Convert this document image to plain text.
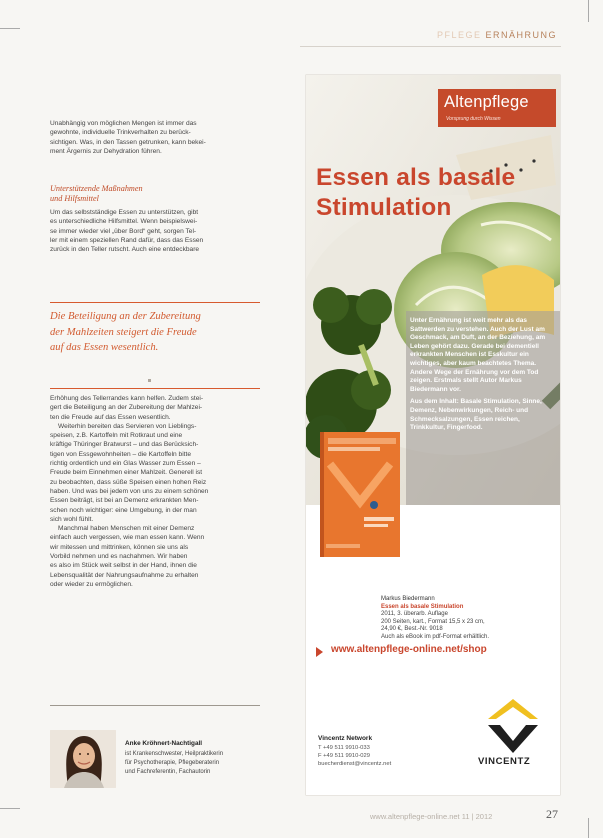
PFLEGE ERNÄHRUNG

Unabhängig von möglichen Mengen ist immer das

gewohnte, individuelle Trinkverhalten zu berück-

sichtigen. Was, in den Tassen getrunken, kann bekei-

ment Ärgernis zur Dehydration führen.

Unterstützende Maßnahmen
und Hilfsmittel

Um das selbstständige Essen zu unterstützen, gibt

es unterschiedliche Hilfsmittel. Wenn beispielswei-

se immer wieder viel „über Bord“ geht, sorgen Tel-

ler mit einem speziellen Rand dafür, dass das Essen

zurück in den Teller rutscht. Auch eine entdeckbare

Die Beteiligung an der Zubereitung
der Mahlzeiten steigert die Freude
auf das Essen wesentlich.

Erhöhung des Tellerrandes kann helfen. Zudem stei-

gert die Beteiligung an der Zubereitung der Mahlzei-

ten die Freude auf das Essen wesentlich.

Weiterhin bereiten das Servieren von Lieblings-

speisen, z.B. Kartoffeln mit Rotkraut und eine

kräftige Thüringer Bratwurst – und das Berücksich-

tigen von Essgewohnheiten – die Kartoffeln bitte

richtig ordentlich und ein Glas Wasser zum Essen –

Freude beim Einnehmen einer Mahlzeit. Generell ist

zu beobachten, dass süße Speisen einen hohen Reiz

haben. Und was bei jedem von uns zu einem schönen

Essen beiträgt, ist bei an Demenz erkrankten Men-

schen noch wichtiger: eine Umgebung, in der man

sich wohl fühlt.

Manchmal haben Menschen mit einer Demenz

einfach auch vergessen, wie man essen kann. Wenn

wir mitessen und mittrinken, können sie uns als

Vorbild nehmen und es nachahmen. Wir haben

es also im Stück weit selbst in der Hand, ihnen die

Lebensqualität der Nahrungsaufnahme zu erhalten

oder wieder zu ermöglichen.

Anke Kröhnert-Nachtigall
ist Krankenschwester, Heilpraktikerin
für Psychotherapie, Pflegeberaterin
und Fachreferentin, Fachautorin
Altenpflege
Vorsprung durch Wissen
Essen als basale
Stimulation
Unter Ernährung ist weit mehr als das Sattwerden zu verstehen. Auch der Lust am Geschmack, am Duft, an der Beziehung, am Leben gehört dazu. Gerade bei dementiell erkrankten Menschen ist Esskultur ein wichtiges, aber kaum beachtetes Thema. Andere Wege der Ernährung vor dem Tod zeigen. Erstmals stellt Autor Markus Biedermann vor.
Aus dem Inhalt: Basale Stimulation, Sinne, Demenz, Nebenwirkungen, Reich- und Schmecksalzungen, Essen reichen, Trinkkultur, Fingerfood.
Markus Biedermann
Essen als basale Stimulation
2011, 3. überarb. Auflage
200 Seiten, kart., Format 15,5 x 23 cm,
24,90 €, Best.-Nr. 9018
Auch als eBook im pdf-Format erhältlich.
www.altenpflege-online.net/shop
Vincentz Network
T +49 511 9910-033
F +49 511 9910-029
buecherdienst@vincentz.net	VINCENTZ
www.altenpflege-online.net 11 | 2012	27
